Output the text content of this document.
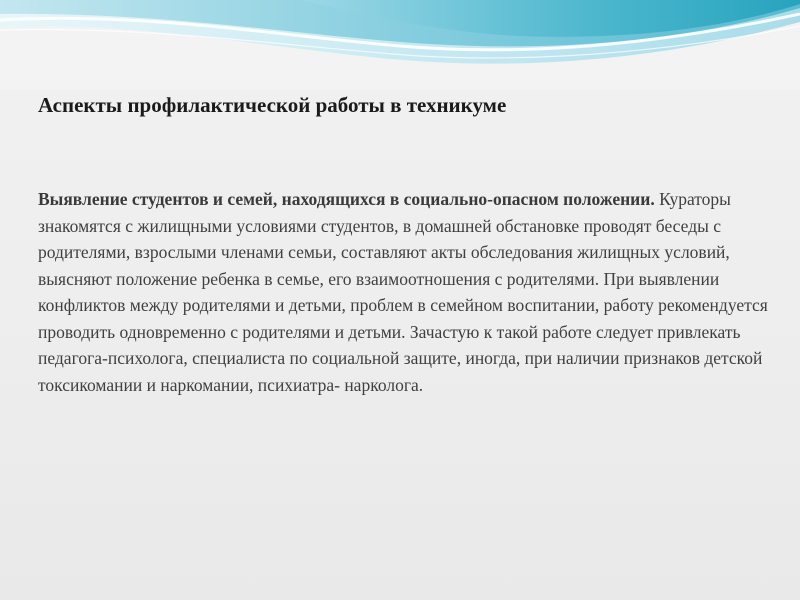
Аспекты профилактической работы в техникуме

Выявление студентов и семей, находящихся в социально-опасном положении. Кураторы знакомятся с жилищными условиями студентов, в домашней обстановке проводят беседы с родителями, взрослыми членами семьи, составляют акты обследования жилищных условий, выясняют положение ребенка в семье, его взаимоотношения с родителями. При выявлении конфликтов между родителями и детьми, проблем в семейном воспитании, работу рекомендуется проводить одновременно с родителями и детьми. Зачастую к такой работе следует привлекать педагога-психолога, специалиста по социальной защите, иногда, при наличии признаков детской токсикомании и наркомании, психиатра- нарколога.
